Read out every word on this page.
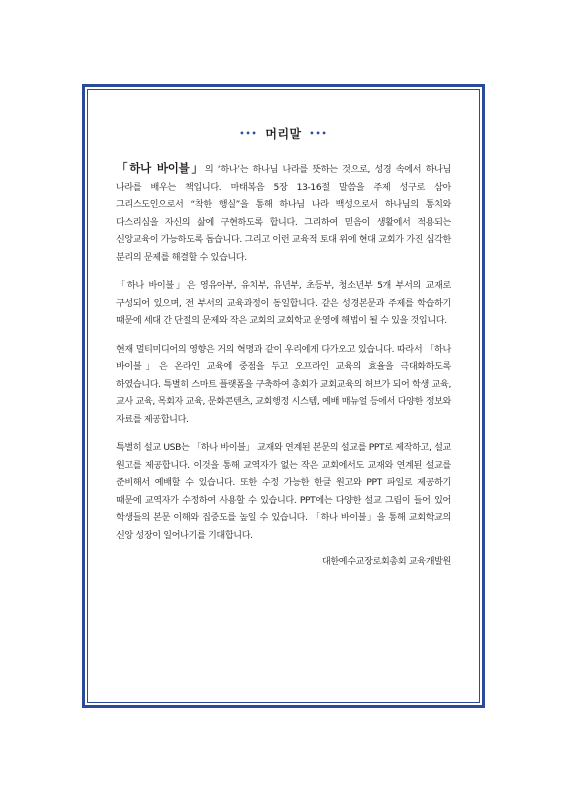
••• 머리말 •••

「하나 바이블」의 ‘하나’는 하나님 나라를 뜻하는 것으로, 성경 속에서 하나님 나라를 배우는 책입니다. 마태복음 5장 13-16절 말씀을 주제 성구로 삼아 그리스도인으로서 “착한 행실”을 통해 하나님 나라 백성으로서 하나님의 통치와 다스리심을 자신의 삶에 구현하도록 합니다. 그리하여 믿음이 생활에서 적용되는 신앙교육이 가능하도록 돕습니다. 그리고 이런 교육적 토대 위에 현대 교회가 가진 심각한 분리의 문제를 해결할 수 있습니다.

「하나 바이블」은 영유아부, 유치부, 유년부, 초등부, 청소년부 5개 부서의 교재로 구성되어 있으며, 전 부서의 교육과정이 동일합니다. 같은 성경본문과 주제를 학습하기 때문에 세대 간 단절의 문제와 작은 교회의 교회학교 운영에 해법이 될 수 있을 것입니다.

현재 멀티미디어의 영향은 거의 혁명과 같이 우리에게 다가오고 있습니다. 따라서 「하나 바이블」은 온라인 교육에 중점을 두고 오프라인 교육의 효율을 극대화하도록 하였습니다. 특별히 스마트 플랫폼을 구축하여 총회가 교회교육의 허브가 되어 학생 교육, 교사 교육, 목회자 교육, 문화콘텐츠, 교회행정 시스템, 예배 매뉴얼 등에서 다양한 정보와 자료를 제공합니다.

특별히 설교 USB는 「하나 바이블」 교재와 연계된 본문의 설교를 PPT로 제작하고, 설교 원고를 제공합니다. 이것을 통해 교역자가 없는 작은 교회에서도 교재와 연계된 설교를 준비해서 예배할 수 있습니다. 또한 수정 가능한 한글 원고와 PPT 파일로 제공하기 때문에 교역자가 수정하여 사용할 수 있습니다. PPT에는 다양한 설교 그림이 들어 있어 학생들의 본문 이해와 집중도를 높일 수 있습니다. 「하나 바이블」을 통해 교회학교의 신앙 성장이 일어나기를 기대합니다.

대한예수교장로회총회 교육개발원
